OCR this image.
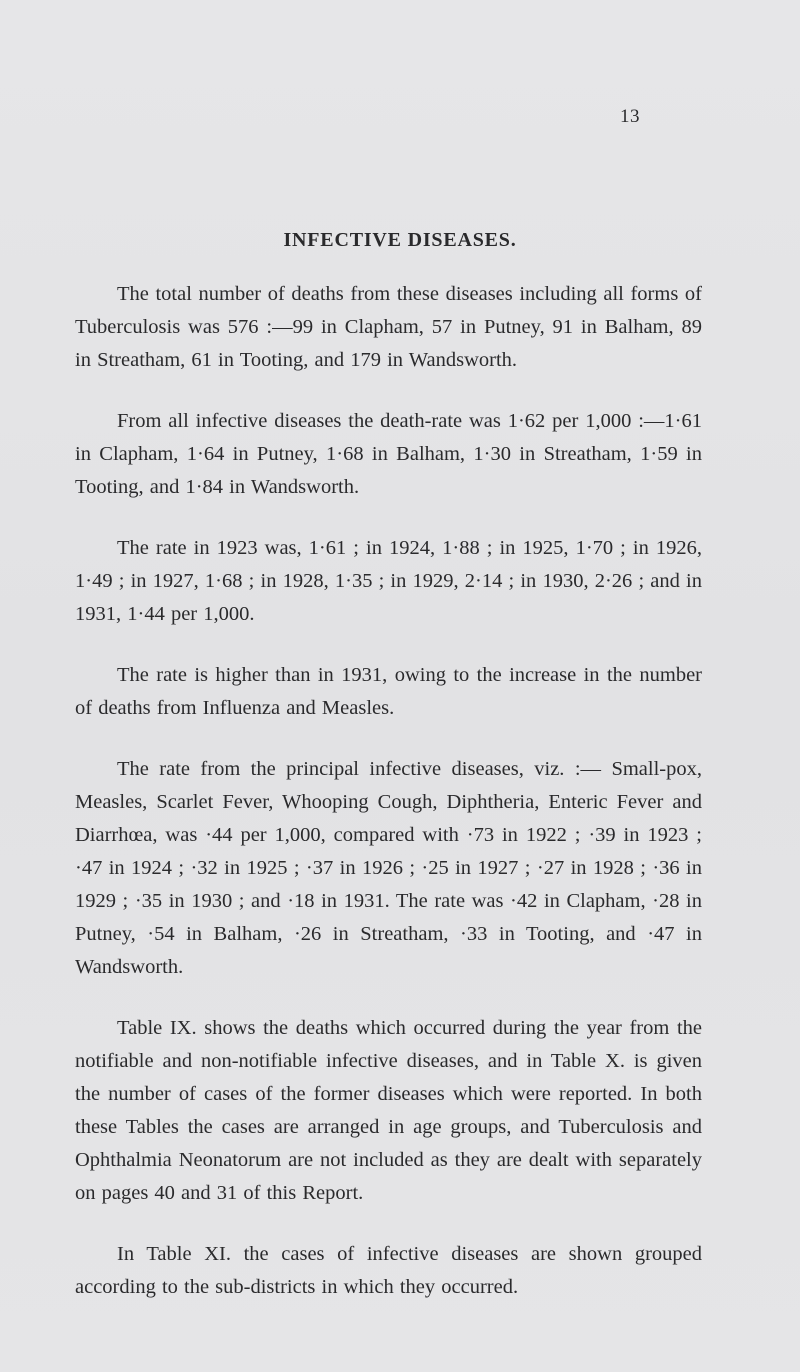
13
INFECTIVE DISEASES.

The total number of deaths from these diseases including all forms of Tuberculosis was 576 :—99 in Clapham, 57 in Putney, 91 in Balham, 89 in Streatham, 61 in Tooting, and 179 in Wandsworth.

From all infective diseases the death-rate was 1·62 per 1,000 :—1·61 in Clapham, 1·64 in Putney, 1·68 in Balham, 1·30 in Streatham, 1·59 in Tooting, and 1·84 in Wandsworth.

The rate in 1923 was, 1·61 ; in 1924, 1·88 ; in 1925, 1·70 ; in 1926, 1·49 ; in 1927, 1·68 ; in 1928, 1·35 ; in 1929, 2·14 ; in 1930, 2·26 ; and in 1931, 1·44 per 1,000.

The rate is higher than in 1931, owing to the increase in the number of deaths from Influenza and Measles.

The rate from the principal infective diseases, viz. :— Small-pox, Measles, Scarlet Fever, Whooping Cough, Diphtheria, Enteric Fever and Diarrhœa, was ·44 per 1,000, compared with ·73 in 1922 ; ·39 in 1923 ; ·47 in 1924 ; ·32 in 1925 ; ·37 in 1926 ; ·25 in 1927 ; ·27 in 1928 ; ·36 in 1929 ; ·35 in 1930 ; and ·18 in 1931. The rate was ·42 in Clapham, ·28 in Putney, ·54 in Balham, ·26 in Streatham, ·33 in Tooting, and ·47 in Wandsworth.

Table IX. shows the deaths which occurred during the year from the notifiable and non-notifiable infective diseases, and in Table X. is given the number of cases of the former diseases which were reported. In both these Tables the cases are arranged in age groups, and Tuberculosis and Ophthalmia Neonatorum are not included as they are dealt with separately on pages 40 and 31 of this Report.

In Table XI. the cases of infective diseases are shown grouped according to the sub-districts in which they occurred.
